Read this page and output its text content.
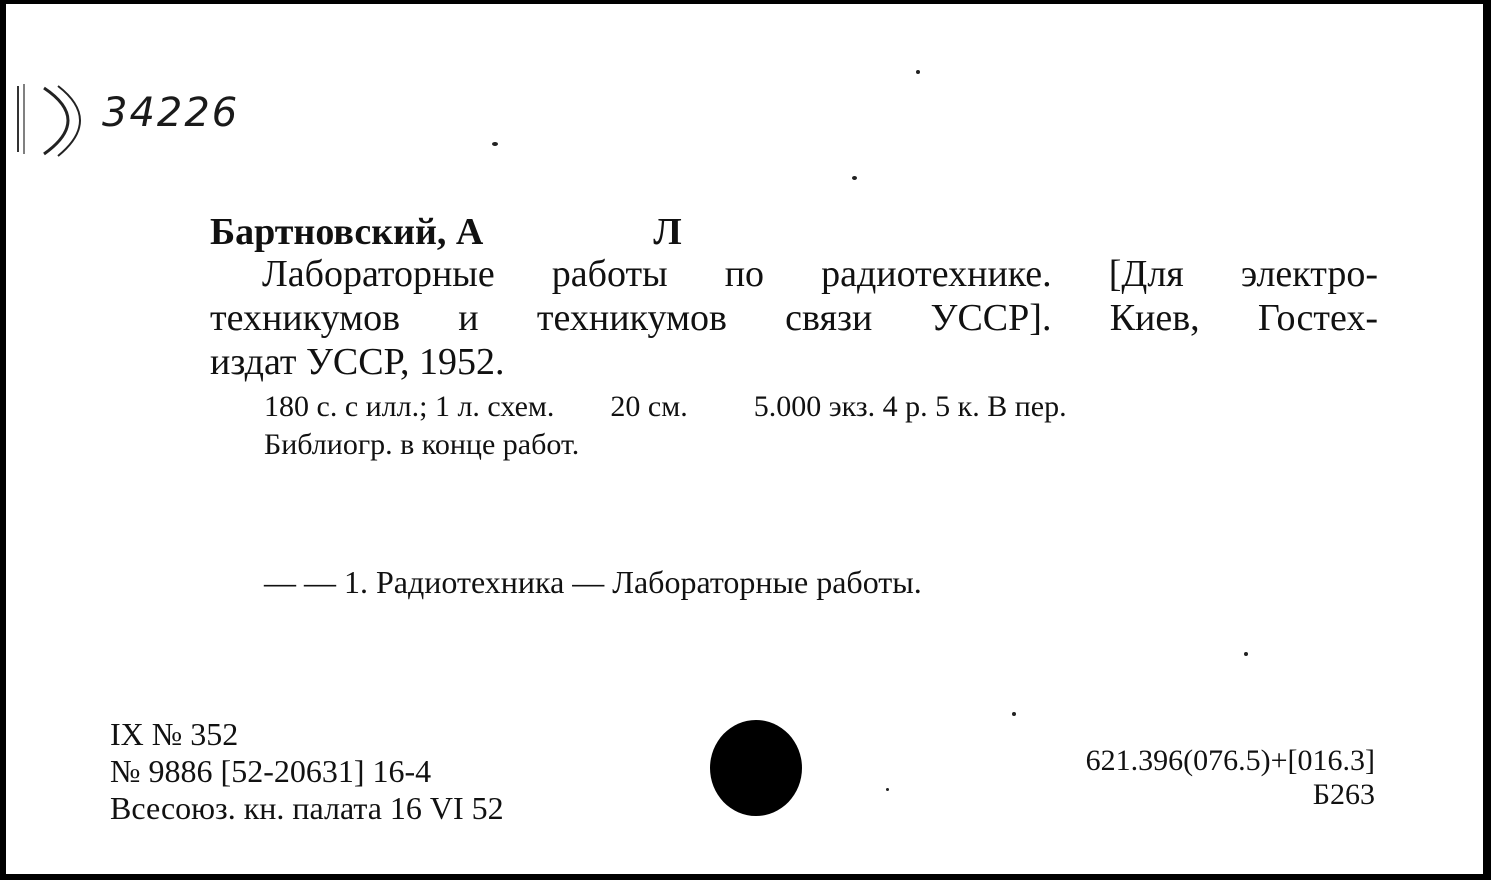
34226
Бартновский, А	Л
Лабораторные работы по радиотехнике. [Для электро-
техникумов и техникумов связи УССР]. Киев, Гостех-
издат УССР, 1952.
180 с. с илл.; 1 л. схем. 20 см. 5.000 экз. 4 р. 5 к. В пер.
Библиогр. в конце работ.
— — 1. Радиотехника — Лабораторные работы.
IX № 352
№ 9886 [52-20631] 16-4
Всесоюз. кн. палата 16 VI 52
621.396(076.5)+[016.3]
Б263
